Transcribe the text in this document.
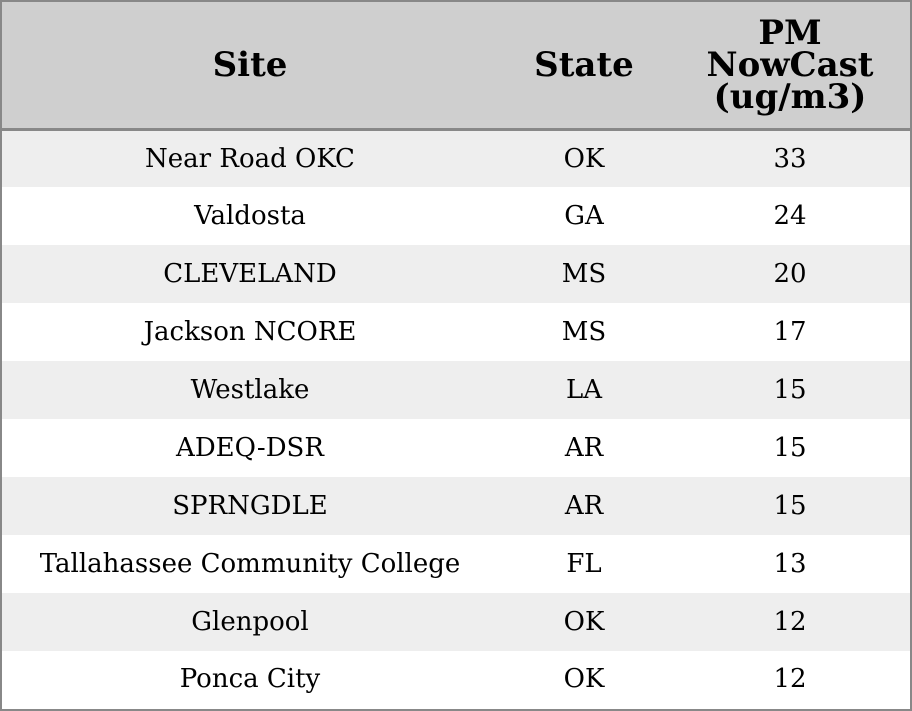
Site	State	PM
NowCast
(ug/m3)

Near Road OKC	OK	33
Valdosta	GA	24
CLEVELAND	MS	20
Jackson NCORE	MS	17
Westlake	LA	15
ADEQ-DSR	AR	15
SPRNGDLE	AR	15
Tallahassee Community College	FL	13
Glenpool	OK	12
Ponca City	OK	12
